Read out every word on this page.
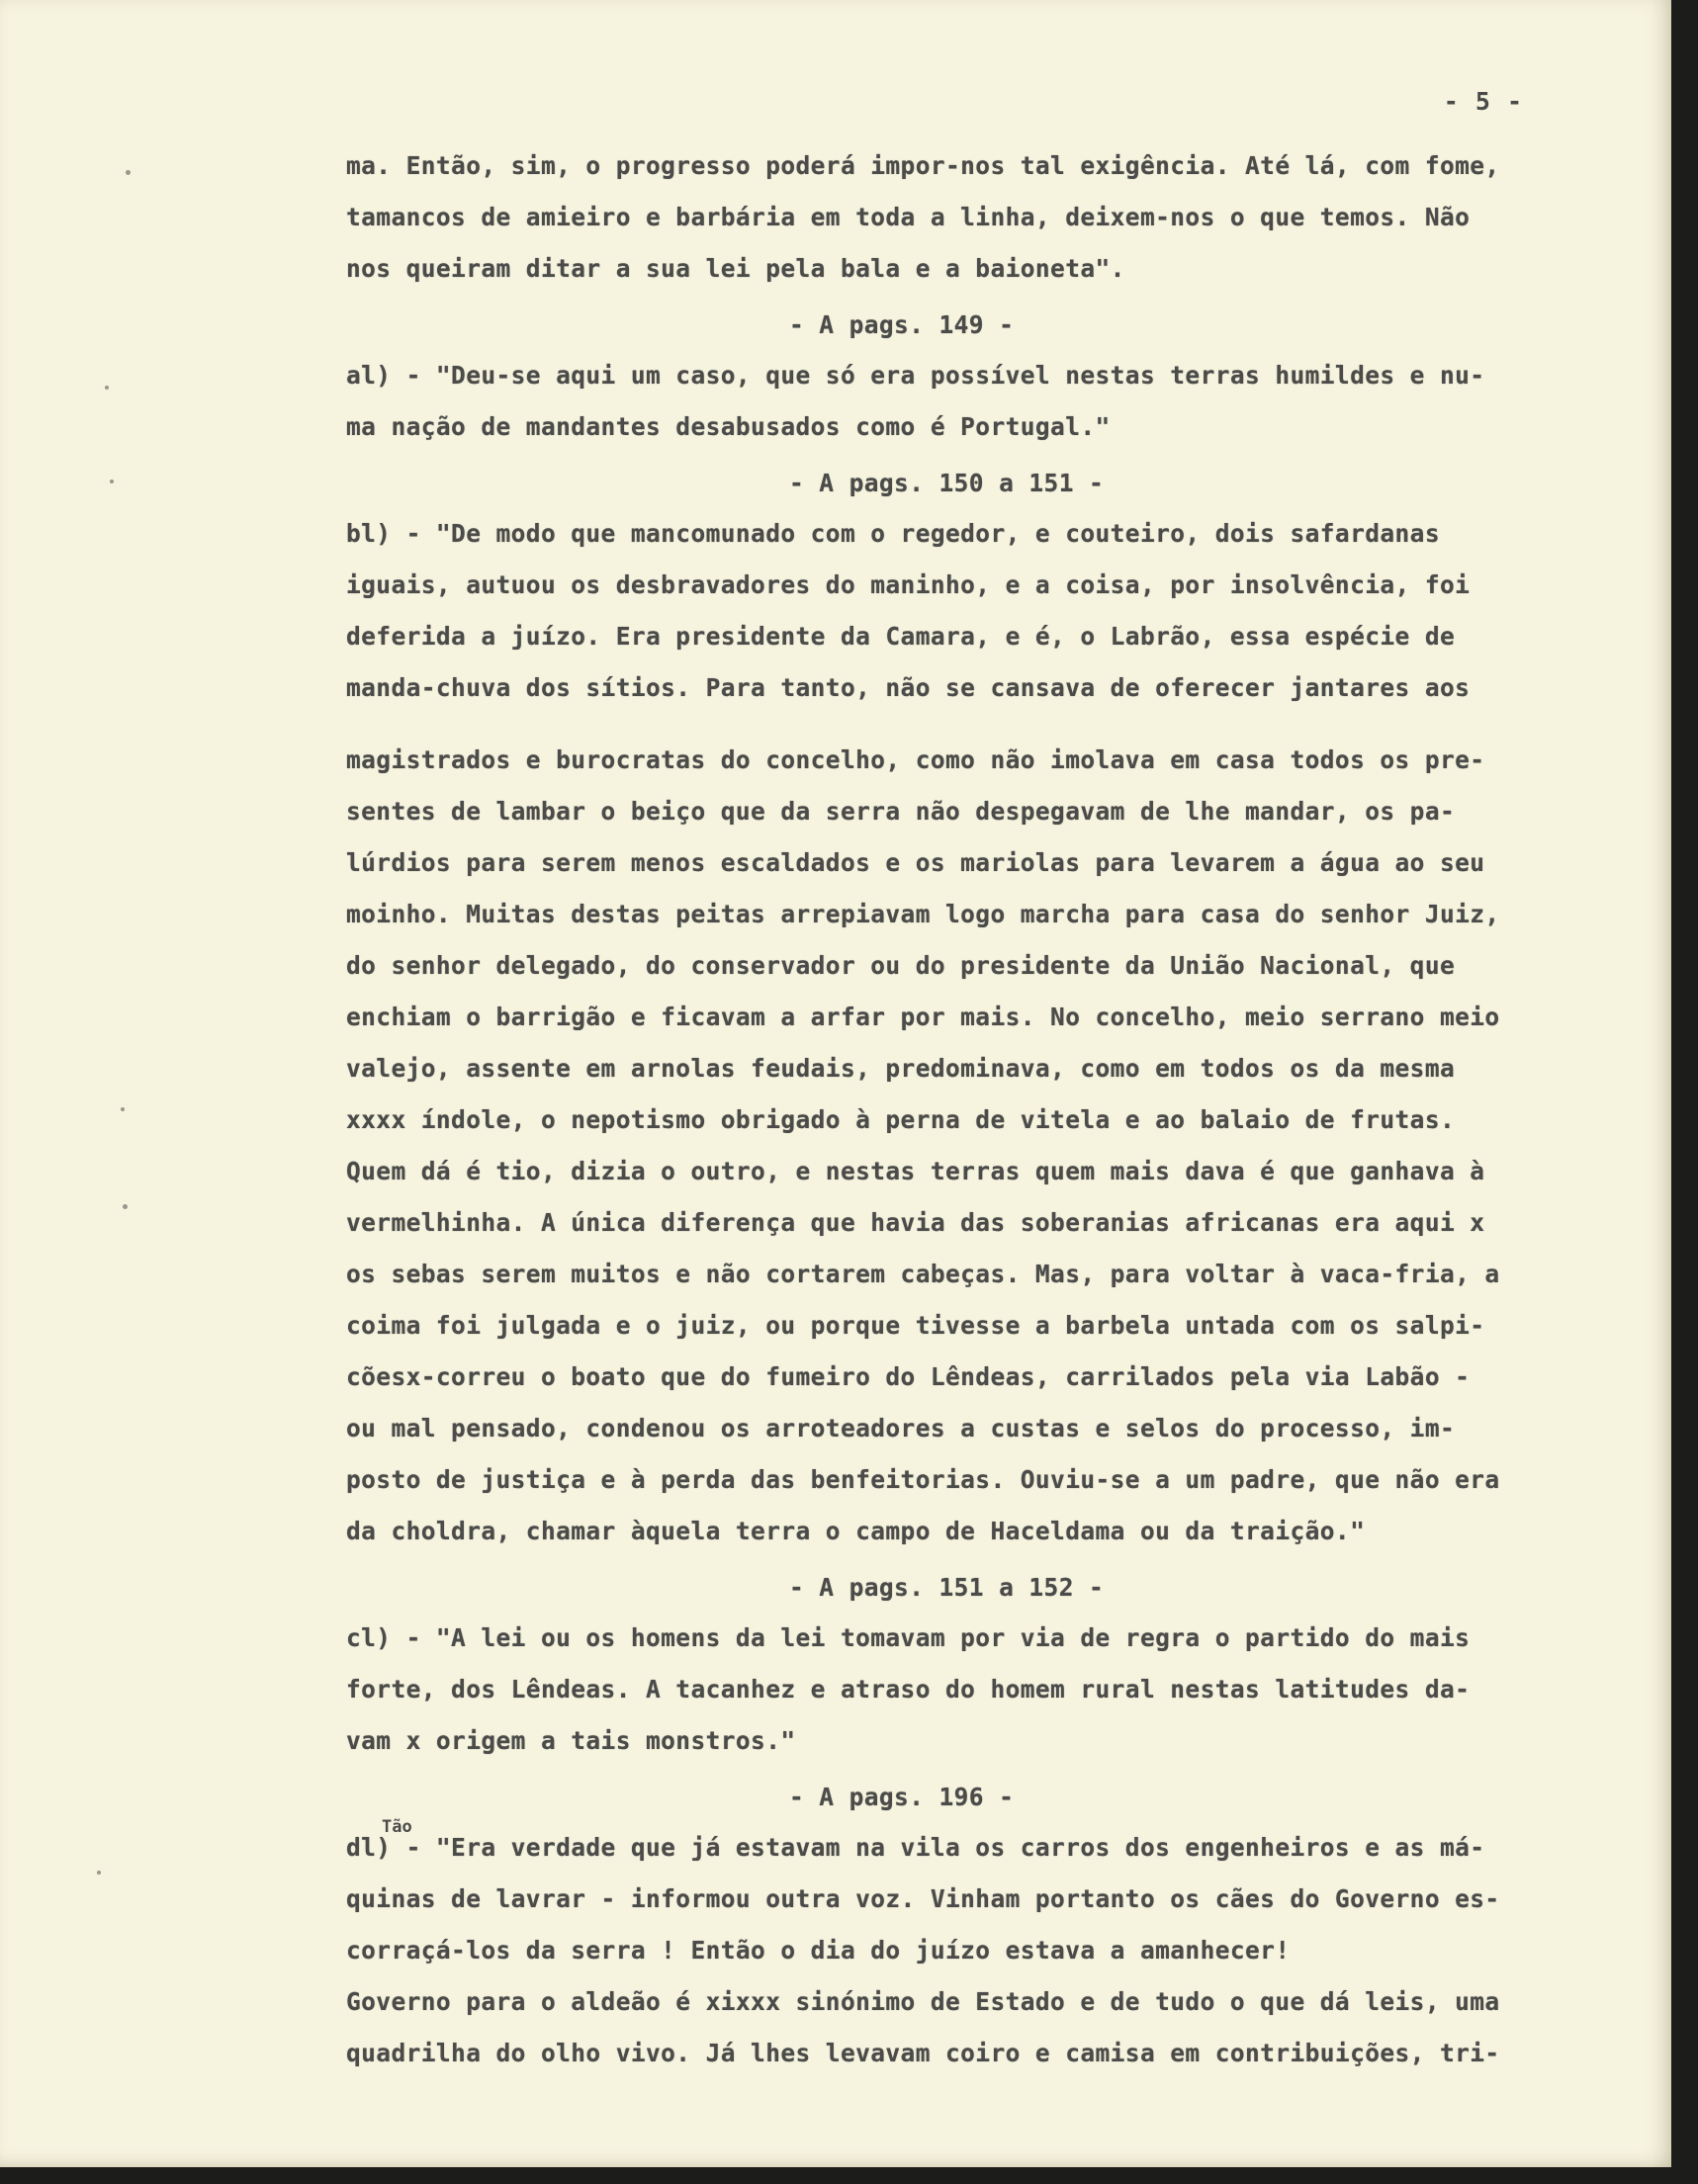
- 5 -
ma. Então, sim, o progresso poderá impor-nos tal exigência. Até lá, com fome,
tamancos de amieiro e barbária em toda a linha, deixem-nos o que temos. Não
nos queiram ditar a sua lei pela bala e a baioneta".
- A pags. 149 -
al) - "Deu-se aqui um caso, que só era possível nestas terras humildes e nu-
ma nação de mandantes desabusados como é Portugal."
- A pags. 150 a 151 -
bl) - "De modo que mancomunado com o regedor, e couteiro, dois safardanas
iguais, autuou os desbravadores do maninho, e a coisa, por insolvência, foi
deferida a juízo. Era presidente da Camara, e é, o Labrão, essa espécie de
manda-chuva dos sítios. Para tanto, não se cansava de oferecer jantares aos
magistrados e burocratas do concelho, como não imolava em casa todos os pre-
sentes de lambar o beiço que da serra não despegavam de lhe mandar, os pa-
lúrdios para serem menos escaldados e os mariolas para levarem a água ao seu
moinho. Muitas destas peitas arrepiavam logo marcha para casa do senhor Juiz,
do senhor delegado, do conservador ou do presidente da União Nacional, que
enchiam o barrigão e ficavam a arfar por mais. No concelho, meio serrano meio
valejo, assente em arnolas feudais, predominava, como em todos os da mesma
xxxx índole, o nepotismo obrigado à perna de vitela e ao balaio de frutas.
Quem dá é tio, dizia o outro, e nestas terras quem mais dava é que ganhava à
vermelhinha. A única diferença que havia das soberanias africanas era aqui x
os sebas serem muitos e não cortarem cabeças. Mas, para voltar à vaca-fria, a
coima foi julgada e o juiz, ou porque tivesse a barbela untada com os salpi-
cõesx-correu o boato que do fumeiro do Lêndeas, carrilados pela via Labão -
ou mal pensado, condenou os arroteadores a custas e selos do processo, im-
posto de justiça e à perda das benfeitorias. Ouviu-se a um padre, que não era
da choldra, chamar àquela terra o campo de Haceldama ou da traição."
- A pags. 151 a 152 -
cl) - "A lei ou os homens da lei tomavam por via de regra o partido do mais
forte, dos Lêndeas. A tacanhez e atraso do homem rural nestas latitudes da-
vam x origem a tais monstros."
- A pags. 196 -
dl) - "Era verdade que já estavam na vila os carros dos engenheiros e as má-
quinas de lavrar - informou outra voz. Vinham portanto os cães do Governo es-
corraçá-los da serra ! Então o dia do juízo estava a amanhecer!
Governo para o aldeão é xixxx sinónimo de Estado e de tudo o que dá leis, uma
quadrilha do olho vivo. Já lhes levavam coiro e camisa em contribuições, tri-
Tão
